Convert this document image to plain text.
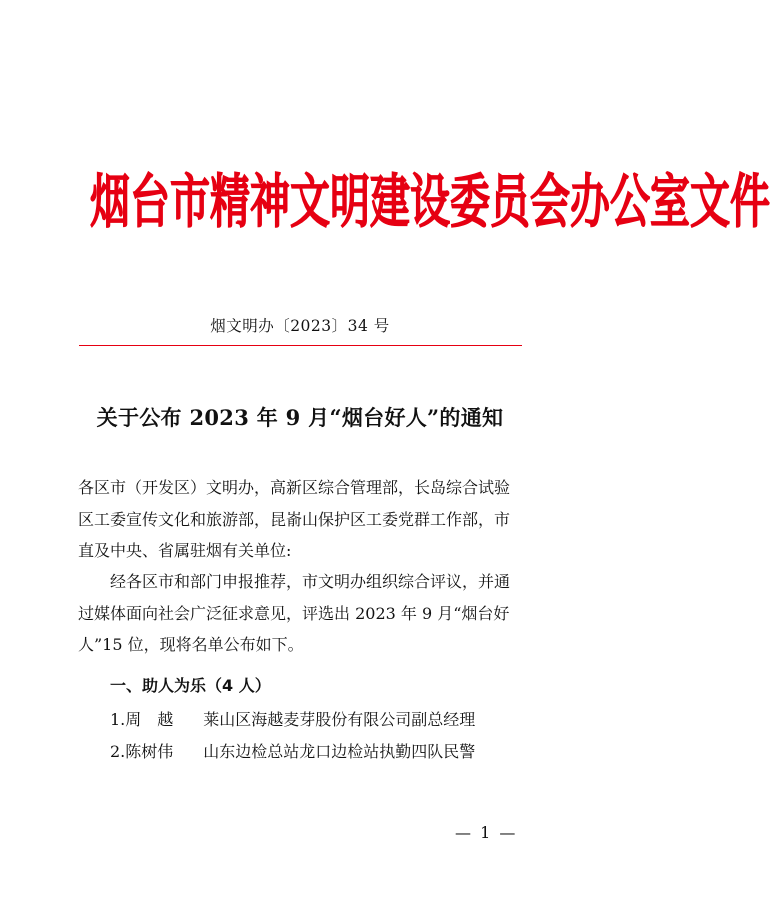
烟台市精神文明建设委员会办公室文件
烟文明办〔2023〕34 号
关于公布 2023 年 9 月“烟台好人”的通知
各区市（开发区）文明办，高新区综合管理部，长岛综合试验区工委宣传文化和旅游部，昆嵛山保护区工委党群工作部，市直及中央、省属驻烟有关单位:
经各区市和部门申报推荐，市文明办组织综合评议，并通过媒体面向社会广泛征求意见，评选出 2023 年 9 月“烟台好人”15 位，现将名单公布如下。
一、助人为乐（4 人）
1.周　越 莱山区海越麦芽股份有限公司副总经理
2.陈树伟 山东边检总站龙口边检站执勤四队民警
— 1 —
